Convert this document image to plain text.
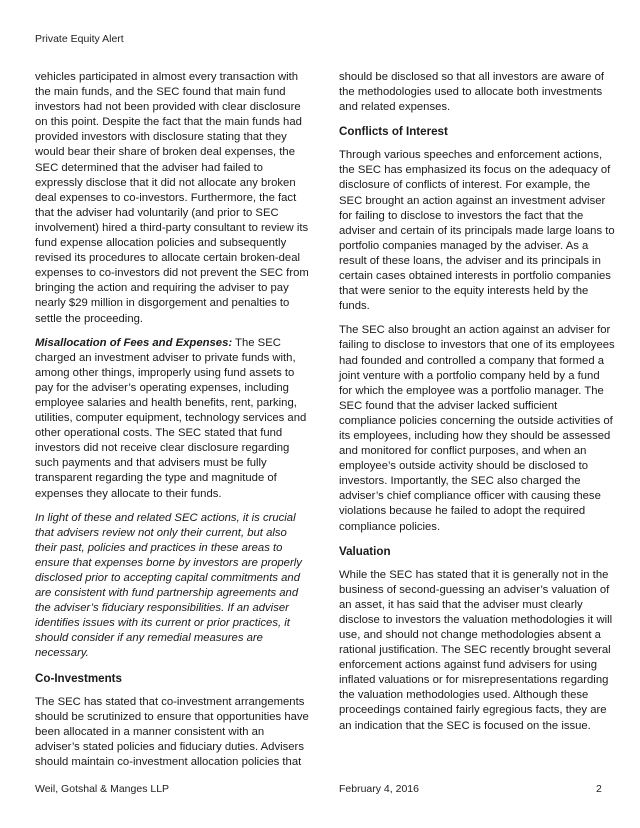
Private Equity Alert

vehicles participated in almost every transaction with the main funds, and the SEC found that main fund investors had not been provided with clear disclosure on this point. Despite the fact that the main funds had provided investors with disclosure stating that they would bear their share of broken deal expenses, the SEC determined that the adviser had failed to expressly disclose that it did not allocate any broken deal expenses to co-investors. Furthermore, the fact that the adviser had voluntarily (and prior to SEC involvement) hired a third-party consultant to review its fund expense allocation policies and subsequently revised its procedures to allocate certain broken-deal expenses to co-investors did not prevent the SEC from bringing the action and requiring the adviser to pay nearly $29 million in disgorgement and penalties to settle the proceeding.

Misallocation of Fees and Expenses: The SEC charged an investment adviser to private funds with, among other things, improperly using fund assets to pay for the adviser’s operating expenses, including employee salaries and health benefits, rent, parking, utilities, computer equipment, technology services and other operational costs. The SEC stated that fund investors did not receive clear disclosure regarding such payments and that advisers must be fully transparent regarding the type and magnitude of expenses they allocate to their funds.

In light of these and related SEC actions, it is crucial that advisers review not only their current, but also their past, policies and practices in these areas to ensure that expenses borne by investors are properly disclosed prior to accepting capital commitments and are consistent with fund partnership agreements and the adviser’s fiduciary responsibilities. If an adviser identifies issues with its current or prior practices, it should consider if any remedial measures are necessary.

Co-Investments

The SEC has stated that co-investment arrangements should be scrutinized to ensure that opportunities have been allocated in a manner consistent with an adviser’s stated policies and fiduciary duties. Advisers should maintain co-investment allocation policies that

should be disclosed so that all investors are aware of the methodologies used to allocate both investments and related expenses.

Conflicts of Interest

Through various speeches and enforcement actions, the SEC has emphasized its focus on the adequacy of disclosure of conflicts of interest. For example, the SEC brought an action against an investment adviser for failing to disclose to investors the fact that the adviser and certain of its principals made large loans to portfolio companies managed by the adviser. As a result of these loans, the adviser and its principals in certain cases obtained interests in portfolio companies that were senior to the equity interests held by the funds.

The SEC also brought an action against an adviser for failing to disclose to investors that one of its employees had founded and controlled a company that formed a joint venture with a portfolio company held by a fund for which the employee was a portfolio manager. The SEC found that the adviser lacked sufficient compliance policies concerning the outside activities of its employees, including how they should be assessed and monitored for conflict purposes, and when an employee’s outside activity should be disclosed to investors. Importantly, the SEC also charged the adviser’s chief compliance officer with causing these violations because he failed to adopt the required compliance policies.

Valuation

While the SEC has stated that it is generally not in the business of second-guessing an adviser’s valuation of an asset, it has said that the adviser must clearly disclose to investors the valuation methodologies it will use, and should not change methodologies absent a rational justification. The SEC recently brought several enforcement actions against fund advisers for using inflated valuations or for misrepresentations regarding the valuation methodologies used. Although these proceedings contained fairly egregious facts, they are an indication that the SEC is focused on the issue.

Weil, Gotshal & Manges LLP	February 4, 2016	2
